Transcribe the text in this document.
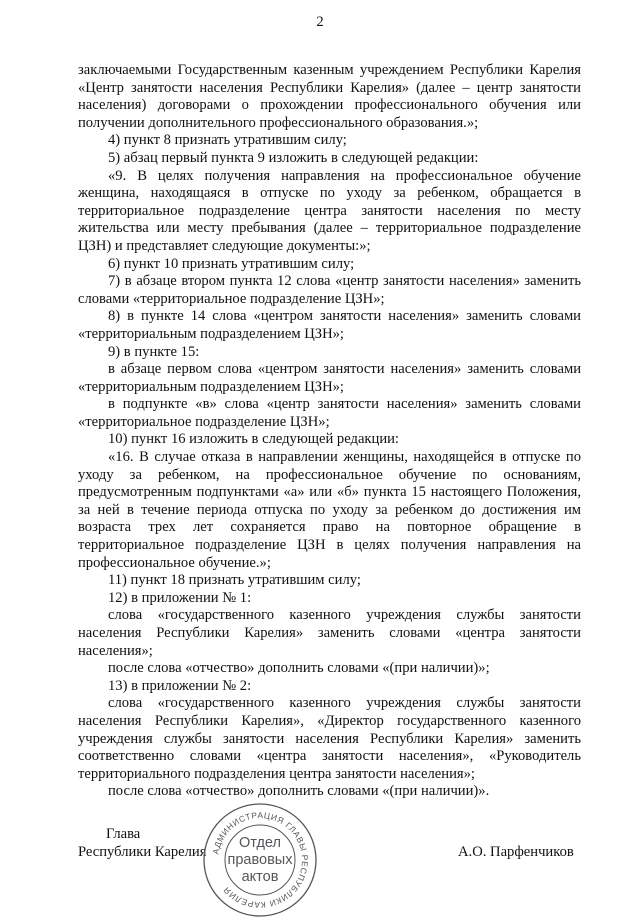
2

заключаемыми Государственным казенным учреждением Республики Карелия «Центр занятости населения Республики Карелия» (далее – центр занятости населения) договорами о прохождении профессионального обучения или получении дополнительного профессионального образования.»;

4) пункт 8 признать утратившим силу;

5) абзац первый пункта 9 изложить в следующей редакции:

«9. В целях получения направления на профессиональное обучение женщина, находящаяся в отпуске по уходу за ребенком, обращается в территориальное подразделение центра занятости населения по месту жительства или месту пребывания (далее – территориальное подразделение ЦЗН) и представляет следующие документы:»;

6) пункт 10 признать утратившим силу;

7) в абзаце втором пункта 12 слова «центр занятости населения» заменить словами «территориальное подразделение ЦЗН»;

8) в пункте 14 слова «центром занятости населения» заменить словами «территориальным подразделением ЦЗН»;

9) в пункте 15:

в абзаце первом слова «центром занятости населения» заменить словами «территориальным подразделением ЦЗН»;

в подпункте «в» слова «центр занятости населения» заменить словами «территориальное подразделение ЦЗН»;

10) пункт 16 изложить в следующей редакции:

«16. В случае отказа в направлении женщины, находящейся в отпуске по уходу за ребенком, на профессиональное обучение по основаниям, предусмотренным подпунктами «а» или «б» пункта 15 настоящего Положения, за ней в течение периода отпуска по уходу за ребенком до достижения им возраста трех лет сохраняется право на повторное обращение в территориальное подразделение ЦЗН в целях получения направления на профессиональное обучение.»;

11) пункт 18 признать утратившим силу;

12) в приложении № 1:

слова «государственного казенного учреждения службы занятости населения Республики Карелия» заменить словами «центра занятости населения»;

после слова «отчество» дополнить словами «(при наличии)»;

13) в приложении № 2:

слова «государственного казенного учреждения службы занятости населения Республики Карелия», «Директор государственного казенного учреждения службы занятости населения Республики Карелия» заменить соответственно словами «центра занятости населения», «Руководитель территориального подразделения центра занятости населения»;

после слова «отчество» дополнить словами «(при наличии)».

Глава
Республики Карелия	А.О. Парфенчиков
АДМИНИСТРАЦИЯ ГЛАВЫ РЕСПУБЛИКИ КАРЕЛИЯ
Отдел
правовых
актов
